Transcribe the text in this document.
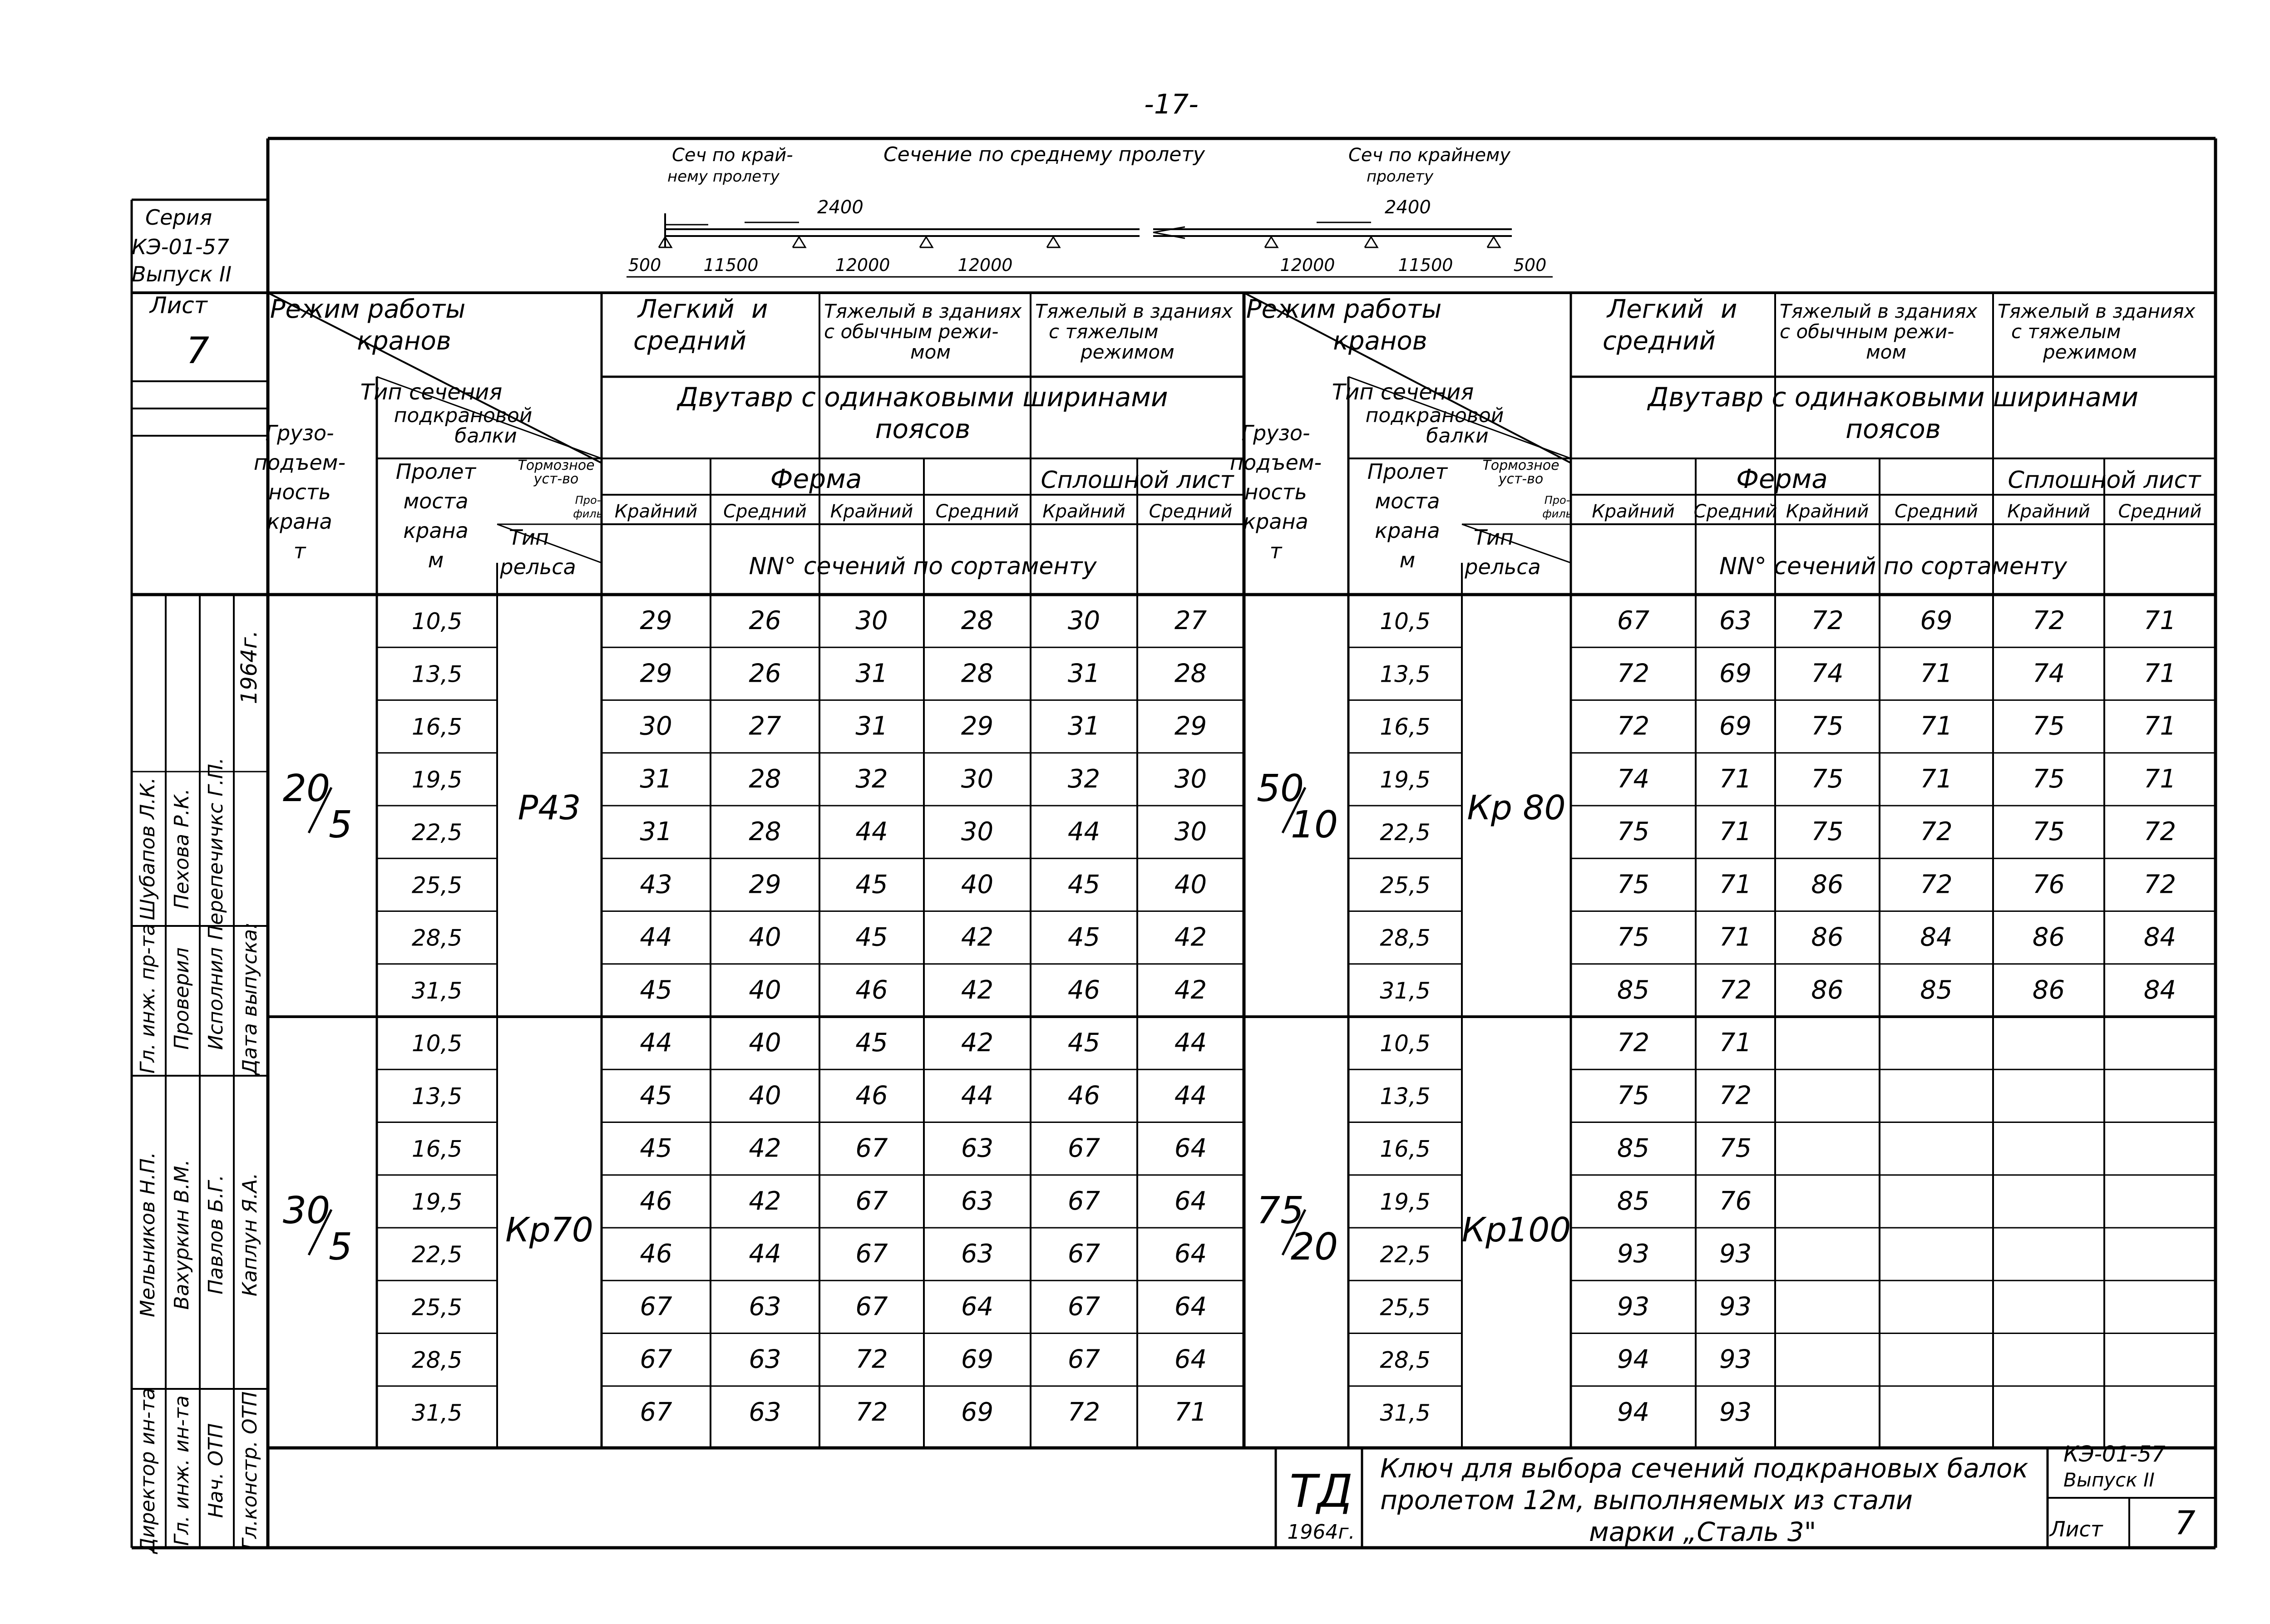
-17-
Серия
КЭ-01-57
Выпуск II
Лист
7
Директор ин-та
Мельников Н.П.
Гл. инж. пр-та
Шубапов Л.К.
Гл. инж. ин-та
Вахуркин В.М.
Проверил
Пехова Р.К.
Нач. ОТП
Павлов Б.Г.
Исполнил
Перепечичкс Г.П.
Гл.констр. ОТП
Каплун Я.А.
Дата выпуска:
1964г.
Сеч по край-
нему пролету
Сечение по среднему пролету	Сеч по крайнему
пролету
2400	2400
500 11500	12000	12000	12000	11500	500
Режим работы
кранов
Легкий и
средний
Тяжелый в зданиях
с обычным режи-
мом
Тяжелый в зданиях
с тяжелым
режимом
Тип сечения
подкрановой
балки
Двутавр с одинаковыми ширинами
поясов
Грузо-
подъем-
ность
крана
т
Пролет
моста
крана
м
Тормозное
уст-во
Про-
филь
Тип
рельса
Ферма	Сплошной лист
Крайний Средний Крайний Средний Крайний Средний
NN° сечений по сортаменту
Режим работы
кранов
Легкий и
средний
Тяжелый в зданиях
с обычным режи-
мом
Тяжелый в зданиях
с тяжелым
режимом
Тип сечения
подкрановой
балки
Двутавр с одинаковыми ширинами
поясов
Грузо-
подъем-
ность
крана
т
Пролет
моста
крана
м
Тормозное
уст-во
Про-
филь
Тип
рельса
Ферма	Сплошной лист
Крайний Средний Крайний Средний Крайний Средний
NN° сечений по сортаменту
20
5	Р43
10,5	29	26	30	28	30	27
13,5	29	26	31	28	31	28
16,5	30	27	31	29	31	29
19,5	31	28	32	30	32	30
22,5	31	28	44	30	44	30
25,5	43	29	45	40	45	40
28,5	44	40	45	42	45	42
31,5	45	40	46	42	46	42
30
5	Кр70
10,5	44	40	45	42	45	44
13,5	45	40	46	44	46	44
16,5	45	42	67	63	67	64
19,5	46	42	67	63	67	64
22,5	46	44	67	63	67	64
25,5	67	63	67	64	67	64
28,5	67	63	72	69	67	64
31,5	67	63	72	69	72	71
50
10	Кр 80
10,5	67	63 72	69	72	71
13,5	72	69 74	71	74	71
16,5	72	69 75	71	75	71
19,5	74	71 75	71	75	71
22,5	75	71 75	72	75	72
25,5	75	71 86	72	76	72
28,5	75	71 86	84	86	84
31,5	85	72 86	85	86	84
75
20	Кр100
10,5	72	71
13,5	75	72
16,5	85	75
19,5	85	76
22,5	93	93
25,5	93	93
28,5	94	93
31,5	94	93
ТД
1964г.
Ключ для выбора сечений подкрановых балок
пролетом 12м, выполняемых из стали
марки „Сталь 3"
КЭ-01-57
Выпуск II
Лист 7
